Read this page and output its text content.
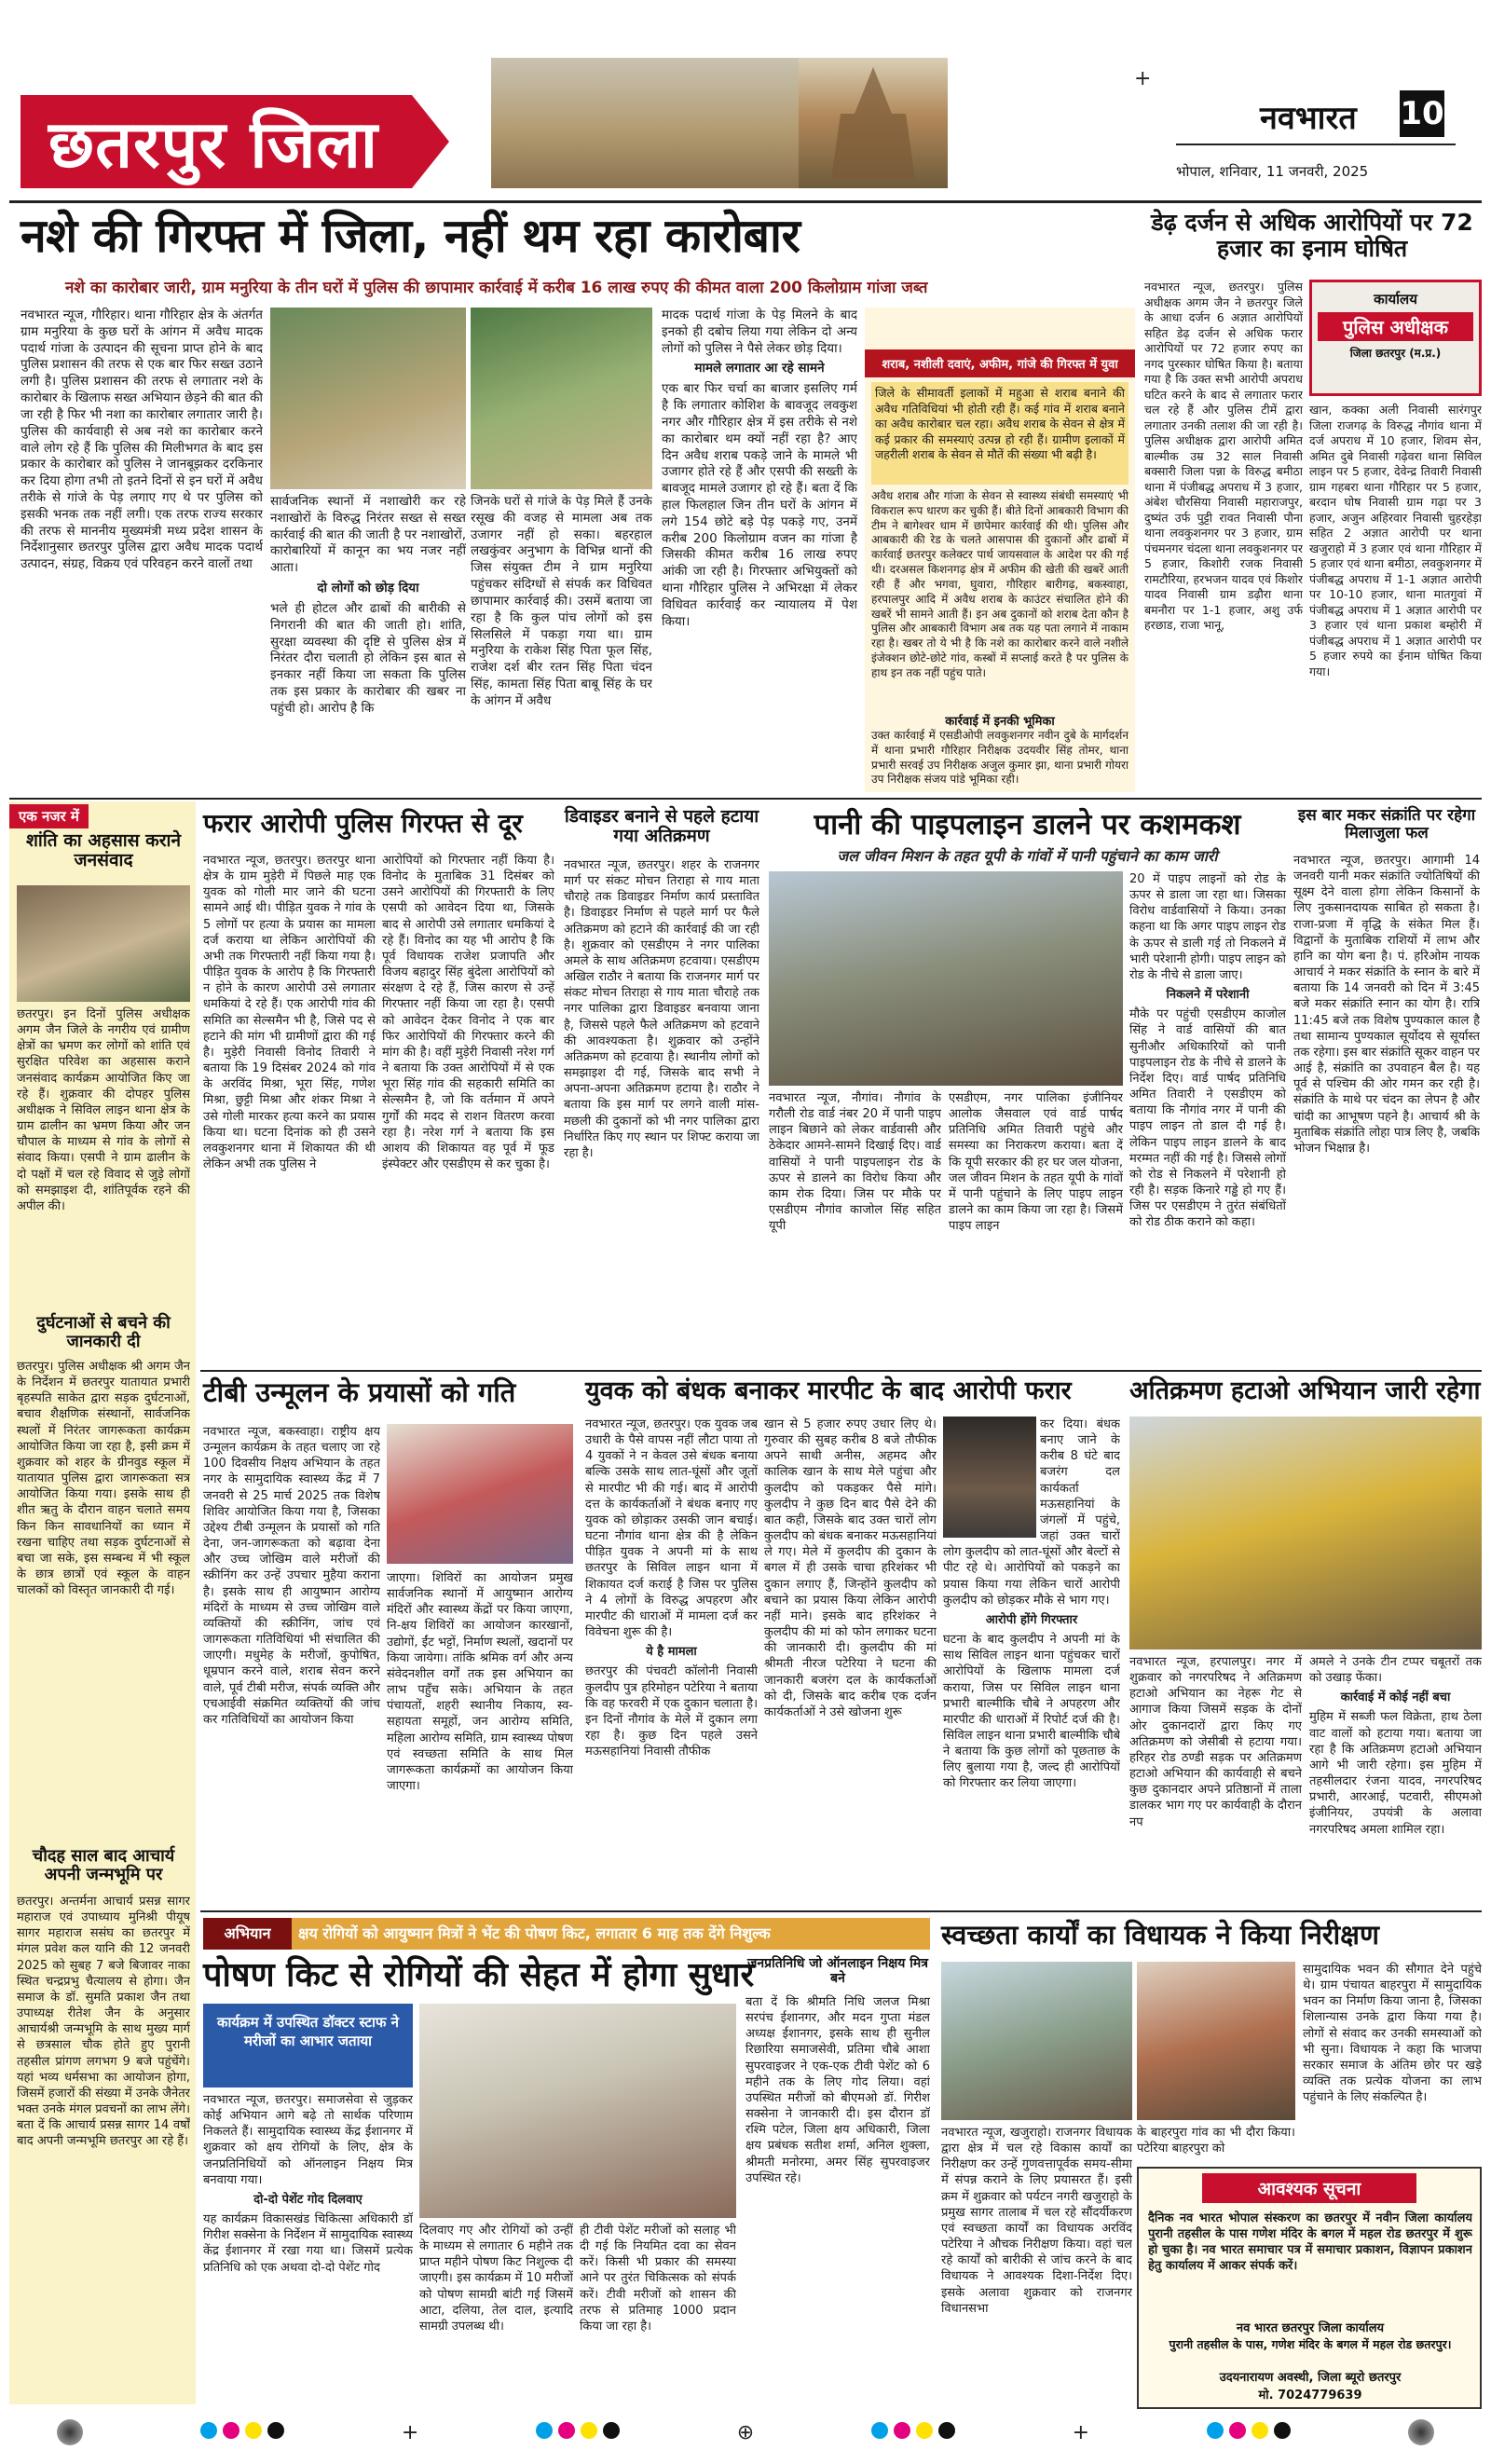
छतरपुर जिला
+
नवभारत 10
भोपाल, शनिवार, 11 जनवरी, 2025
नशे की गिरफ्त में जिला, नहीं थम रहा कारोबार
नशे का कारोबार जारी, ग्राम मनुरिया के तीन घरों में पुलिस की छापामार कार्रवाई में करीब 16 लाख रुपए की कीमत वाला 200 किलोग्राम गांजा जब्त

नवभारत न्यूज, गौरिहार। थाना गौरिहार क्षेत्र के अंतर्गत ग्राम मनुरिया के कुछ घरों के आंगन में अवैध मादक पदार्थ गांजा के उत्पादन की सूचना प्राप्त होने के बाद पुलिस प्रशासन की तरफ से एक बार फिर सख्त उठाने लगी है। पुलिस प्रशासन की तरफ से लगातार नशे के कारोबार के खिलाफ सख्त अभियान छेड़ने की बात की जा रही है फिर भी नशा का कारोबार लगातार जारी है। पुलिस की कार्यवाही से अब नशे का कारोबार करने वाले लोग रहे हैं कि पुलिस की मिलीभगत के बाद इस प्रकार के कारोबार को पुलिस ने जानबूझकर दरकिनार कर दिया होगा तभी तो इतने दिनों से इन घरों में अवैध तरीके से गांजे के पेड़ लगाए गए थे पर पुलिस को इसकी भनक तक नहीं लगी। एक तरफ राज्य सरकार की तरफ से माननीय मुख्यमंत्री मध्य प्रदेश शासन के निर्देशानुसार छतरपुर पुलिस द्वारा अवैध मादक पदार्थ उत्पादन, संग्रह, विक्रय एवं परिवहन करने वालों तथा

सार्वजनिक स्थानों में नशाखोरी कर रहे नशाखोरों के विरुद्ध निरंतर सख्त से सख्त कार्रवाई की बात की जाती है पर नशाखोरों, कारोबारियों में कानून का भय नजर नहीं आता।

दो लोगों को छोड़ दिया

भले ही होटल और ढाबों की बारीकी से निगरानी की बात की जाती हो। शांति, सुरक्षा व्यवस्था की दृष्टि से पुलिस क्षेत्र में निरंतर दौरा चलाती हो लेकिन इस बात से इनकार नहीं किया जा सकता कि पुलिस तक इस प्रकार के कारोबार की खबर ना पहुंची हो। आरोप है कि

जिनके घरों से गांजे के पेड़ मिले हैं उनके रसूख की वजह से मामला अब तक उजागर नहीं हो सका। बहरहाल लखकुंवर अनुभाग के विभिन्न थानों की जिस संयुक्त टीम ने ग्राम मनुरिया पहुंचकर संदिग्धों से संपर्क कर विधिवत छापामार कार्रवाई की। उसमें बताया जा रहा है कि कुल पांच लोगों को इस सिलसिले में पकड़ा गया था। ग्राम मनुरिया के राकेश सिंह पिता फूल सिंह, राजेश दर्श बीर रतन सिंह पिता चंदन सिंह, कामता सिंह पिता बाबू सिंह के घर के आंगन में अवैध

मादक पदार्थ गांजा के पेड़ मिलने के बाद इनको ही दबोच लिया गया लेकिन दो अन्य लोगों को पुलिस ने पैसे लेकर छोड़ दिया।

मामले लगातार आ रहे सामने

एक बार फिर चर्चा का बाजार इसलिए गर्म है कि लगातार कोशिश के बावजूद लवकुश नगर और गौरिहार क्षेत्र में इस तरीके से नशे का कारोबार थम क्यों नहीं रहा है? आए दिन अवैध शराब पकड़े जाने के मामले भी उजागर होते रहे हैं और एसपी की सख्ती के बावजूद मामले उजागर हो रहे हैं। बता दें कि हाल फिलहाल जिन तीन घरों के आंगन में लगे 154 छोटे बड़े पेड़ पकड़े गए, उनमें करीब 200 किलोग्राम वजन का गांजा है जिसकी कीमत करीब 16 लाख रुपए आंकी जा रही है। गिरफ्तार अभियुक्तों को थाना गौरिहार पुलिस ने अभिरक्षा में लेकर विधिवत कार्रवाई कर न्यायालय में पेश किया।

शराब, नशीली दवाएं, अफीम, गांजे की गिरफ्त में युवा
जिले के सीमावर्ती इलाकों में महुआ से शराब बनाने की अवैध गतिविधियां भी होती रही हैं। कई गांव में शराब बनाने का अवैध कारोबार चल रहा। अवैध शराब के सेवन से क्षेत्र में कई प्रकार की समस्याएं उत्पन्न हो रही हैं। ग्रामीण इलाकों में जहरीली शराब के सेवन से मौतें की संख्या भी बढ़ी है।
अवैध शराब और गांजा के सेवन से स्वास्थ्य संबंधी समस्याएं भी विकराल रूप धारण कर चुकी हैं। बीते दिनों आबकारी विभाग की टीम ने बागेश्वर धाम में छापेमार कार्रवाई की थी। पुलिस और आबकारी की रेड के चलते आसपास की दुकानों और ढाबों में कार्रवाई छतरपुर कलेक्टर पार्थ जायसवाल के आदेश पर की गई थी। दरअसल किशनगढ़ क्षेत्र में अफीम की खेती की खबरें आती रही हैं और भगवा, घुवारा, गौरिहार बारीगढ़, बकस्वाहा, हरपालपुर आदि में अवैध शराब के काउंटर संचालित होने की खबरें भी सामने आती हैं। इन अब दुकानों को शराब देता कौन है पुलिस और आबकारी विभाग अब तक यह पता लगाने में नाकाम रहा है। खबर तो ये भी है कि नशे का कारोबार करने वाले नशीले इंजेक्शन छोटे-छोटे गांव, कस्बों में सप्लाई करते है पर पुलिस के हाथ इन तक नहीं पहुंच पाते।
कार्रवाई में इनकी भूमिका
उक्त कार्रवाई में एसडीओपी लवकुशनगर नवीन दुबे के मार्गदर्शन में थाना प्रभारी गौरिहार निरीक्षक उदयवीर सिंह तोमर, थाना प्रभारी सरवई उप निरीक्षक अजुल कुमार झा, थाना प्रभारी गोयरा उप निरीक्षक संजय पांडे भूमिका रही।
डेढ़ दर्जन से अधिक आरोपियों पर 72 हजार का इनाम घोषित
नवभारत न्यूज, छतरपुर। पुलिस अधीक्षक अगम जैन ने छतरपुर जिले के आधा दर्जन 6 अज्ञात आरोपियों सहित डेढ़ दर्जन से अधिक फरार आरोपियों पर 72 हजार रुपए का नगद पुरस्कार घोषित किया है। बताया गया है कि उक्त सभी आरोपी अपराध घटित करने के बाद से लगातार फरार चल रहे हैं और पुलिस टीमें द्वारा लगातार उनकी तलाश की जा रही है। पुलिस अधीक्षक द्वारा आरोपी अमित बाल्मीक उम्र 32 साल निवासी बक्सारी जिला पन्ना के विरुद्ध बमीठा थाना में पंजीबद्ध अपराध में 3 हजार, अंबेश चौरसिया निवासी महाराजपुर, दुष्यंत उर्फ पुट्टी रावत निवासी पौना थाना लवकुशनगर पर 3 हजार, ग्राम पंचमनगर चंदला थाना लवकुशनगर पर 5 हजार, किशोरी रजक निवासी रामटौरिया, हरभजन यादव एवं किशोर यादव निवासी ग्राम डढ़ौरा थाना बमनौरा पर 1-1 हजार, अशु उर्फ हरछाड, राजा भानू,
कार्यालय
पुलिस अधीक्षक
जिला छतरपुर (म.प्र.)
खान, कक्का अली निवासी सारंगपुर जिला राजगढ़ के विरुद्ध नौगांव थाना में दर्ज अपराध में 10 हजार, शिवम सेन, अमित दुबे निवासी गढ़ेवरा थाना सिविल लाइन पर 5 हजार, देवेन्द्र तिवारी निवासी ग्राम गहबरा थाना गौरिहार पर 5 हजार, बरदान घोष निवासी ग्राम गढ़ा पर 3 हजार, अजुन अहिरवार निवासी चुहरहेड़ा सहित 2 अज्ञात आरोपी पर थाना खजुराहो में 3 हजार एवं थाना गौरिहार में 5 हजार एवं थाना बमीठा, लवकुशनगर में पंजीबद्ध अपराध में 1-1 अज्ञात आरोपी पर 10-10 हजार, थाना मातगुवां में पंजीबद्ध अपराध में 1 अज्ञात आरोपी पर 3 हजार एवं थाना प्रकाश बम्होरी में पंजीबद्ध अपराध में 1 अज्ञात आरोपी पर 5 हजार रुपये का ईनाम घोषित किया गया।
एक नजर में
शांति का अहसास कराने जनसंवाद
छतरपुर। इन दिनों पुलिस अधीक्षक अगम जैन जिले के नगरीय एवं ग्रामीण क्षेत्रों का भ्रमण कर लोगों को शांति एवं सुरक्षित परिवेश का अहसास कराने जनसंवाद कार्यक्रम आयोजित किए जा रहे हैं। शुक्रवार की दोपहर पुलिस अधीक्षक ने सिविल लाइन थाना क्षेत्र के ग्राम ढालीन का भ्रमण किया और जन चौपाल के माध्यम से गांव के लोगों से संवाद किया। एसपी ने ग्राम ढालीन के दो पक्षों में चल रहे विवाद से जुड़े लोगों को समझाइश दी, शांतिपूर्वक रहने की अपील की।
दुर्घटनाओं से बचने की जानकारी दी
छतरपुर। पुलिस अधीक्षक श्री अगम जैन के निर्देशन में छतरपुर यातायात प्रभारी बृहस्पति साकेत द्वारा सड़क दुर्घटनाओं, बचाव शैक्षणिक संस्थानों, सार्वजनिक स्थलों में निरंतर जागरूकता कार्यक्रम आयोजित किया जा रहा है, इसी क्रम में शुक्रवार को शहर के ग्रीनवुड स्कूल में यातायात पुलिस द्वारा जागरूकता सत्र आयोजित किया गया। इसके साथ ही शीत ऋतु के दौरान वाहन चलाते समय किन किन सावधानियों का ध्यान में रखना चाहिए तथा सड़क दुर्घटनाओं से बचा जा सके, इस सम्बन्ध में भी स्कूल के छात्र छात्रों एवं स्कूल के वाहन चालकों को विस्तृत जानकारी दी गई।
चौदह साल बाद आचार्य अपनी जन्मभूमि पर
छतरपुर। अन्तर्मना आचार्य प्रसन्न सागर महाराज एवं उपाध्याय मुनिश्री पीयूष सागर महाराज ससंघ का छतरपुर में मंगल प्रवेश कल यानि की 12 जनवरी 2025 को सुबह 7 बजे बिजावर नाका स्थित चन्द्रप्रभु चैत्यालय से होगा। जैन समाज के डॉ. सुमति प्रकाश जैन तथा उपाध्यक्ष रीतेश जैन के अनुसार आचार्यश्री जन्मभूमि के साथ मुख्य मार्ग से छत्रसाल चौक होते हुए पुरानी तहसील प्रांगण लगभग 9 बजे पहुंचेंगे। यहां भव्य धर्मसभा का आयोजन होगा, जिसमें हजारों की संख्या में उनके जैनेतर भक्त उनके मंगल प्रवचनों का लाभ लेंगे। बता दें कि आचार्य प्रसन्न सागर 14 वर्षों बाद अपनी जन्मभूमि छतरपुर आ रहे हैं।
फरार आरोपी पुलिस गिरफ्त से दूर
नवभारत न्यूज, छतरपुर। छतरपुर थाना क्षेत्र के ग्राम मुड़ेरी में पिछले माह एक युवक को गोली मार जाने की घटना सामने आई थी। पीड़ित युवक ने गांव के 5 लोगों पर हत्या के प्रयास का मामला दर्ज कराया था लेकिन आरोपियों की अभी तक गिरफ्तारी नहीं किया गया है। पीड़ित युवक के आरोप है कि गिरफ्तारी न होने के कारण आरोपी उसे लगातार धमकियां दे रहे हैं। एक आरोपी गांव की समिति का सेल्समैन भी है, जिसे पद से हटाने की मांग भी ग्रामीणों द्वारा की गई है। मुड़ेरी निवासी विनोद तिवारी ने बताया कि 19 दिसंबर 2024 को गांव के अरविंद मिश्रा, भूरा सिंह, गणेश मिश्रा, छुट्टी मिश्रा और शंकर मिश्रा ने उसे गोली मारकर हत्या करने का प्रयास किया था। घटना दिनांक को ही उसने लवकुशनगर थाना में शिकायत की थी लेकिन अभी तक पुलिस ने
आरोपियों को गिरफ्तार नहीं किया है। विनोद के मुताबिक 31 दिसंबर को उसने आरोपियों की गिरफ्तारी के लिए एसपी को आवेदन दिया था, जिसके बाद से आरोपी उसे लगातार धमकियां दे रहे हैं। विनोद का यह भी आरोप है कि पूर्व विधायक राजेश प्रजापति और विजय बहादुर सिंह बुंदेला आरोपियों को संरक्षण दे रहे हैं, जिस कारण से उन्हें गिरफ्तार नहीं किया जा रहा है। एसपी को आवेदन देकर विनोद ने एक बार फिर आरोपियों की गिरफ्तार करने की मांग की है। वहीं मुड़ेरी निवासी नरेश गर्ग ने बताया कि उक्त आरोपियों में से एक भूरा सिंह गांव की सहकारी समिति का सेल्समैन है, जो कि वर्तमान में अपने गुर्गों की मदद से राशन वितरण करवा रहा है। नरेश गर्ग ने बताया कि इस आशय की शिकायत वह पूर्व में फूड इंस्पेक्टर और एसडीएम से कर चुका है।
डिवाइडर बनाने से पहले हटाया गया अतिक्रमण
नवभारत न्यूज, छतरपुर। शहर के राजनगर मार्ग पर संकट मोचन तिराहा से गाय माता चौराहे तक डिवाइडर निर्माण कार्य प्रस्तावित है। डिवाइडर निर्माण से पहले मार्ग पर फैले अतिक्रमण को हटाने की कार्रवाई की जा रही है। शुक्रवार को एसडीएम ने नगर पालिका अमले के साथ अतिक्रमण हटवाया। एसडीएम अखिल राठौर ने बताया कि राजनगर मार्ग पर संकट मोचन तिराहा से गाय माता चौराहे तक नगर पालिका द्वारा डिवाइडर बनवाया जाना है, जिससे पहले फैले अतिक्रमण को हटवाने की आवश्यकता है। शुक्रवार को उन्होंने अतिक्रमण को हटवाया है। स्थानीय लोगों को समझाइश दी गई, जिसके बाद सभी ने अपना-अपना अतिक्रमण हटाया है। राठौर ने बताया कि इस मार्ग पर लगने वाली मांस-मछली की दुकानों को भी नगर पालिका द्वारा निर्धारित किए गए स्थान पर शिफ्ट कराया जा रहा है।
पानी की पाइपलाइन डालने पर कशमकश
जल जीवन मिशन के तहत यूपी के गांवों में पानी पहुंचाने का काम जारी
नवभारत न्यूज, नौगांव। नौगांव के गरौली रोड वार्ड नंबर 20 में पानी पाइप लाइन बिछाने को लेकर वार्डवासी और ठेकेदार आमने-सामने दिखाई दिए। वार्ड वासियों ने पानी पाइपलाइन रोड के ऊपर से डालने का विरोध किया और काम रोक दिया। जिस पर मौके पर एसडीएम नौगांव काजोल सिंह सहित यूपी
एसडीएम, नगर पालिका इंजीनियर आलोक जैसवाल एवं वार्ड पार्षद प्रतिनिधि अमित तिवारी पहुंचे और समस्या का निराकरण कराया। बता दें कि यूपी सरकार की हर घर जल योजना, जल जीवन मिशन के तहत यूपी के गांवों में पानी पहुंचाने के लिए पाइप लाइन डालने का काम किया जा रहा है। जिसमें पाइप लाइन

20 में पाइप लाइनों को रोड के ऊपर से डाला जा रहा था। जिसका विरोध वार्डवासियों ने किया। उनका कहना था कि अगर पाइप लाइन रोड के ऊपर से डाली गई तो निकलने में भारी परेशानी होगी। पाइप लाइन को रोड के नीचे से डाला जाए।

निकलने में परेशानी

मौके पर पहुंची एसडीएम काजोल सिंह ने वार्ड वासियों की बात सुनीऔर अधिकारियों को पानी पाइपलाइन रोड के नीचे से डालने के निर्देश दिए। वार्ड पार्षद प्रतिनिधि अमित तिवारी ने एसडीएम को बताया कि नौगांव नगर में पानी की पाइप लाइन तो डाल दी गई है। लेकिन पाइप लाइन डालने के बाद मरम्मत नहीं की गई है। जिससे लोगों को रोड से निकलने में परेशानी हो रही है। सड़क किनारे गड्ढे हो गए हैं। जिस पर एसडीएम ने तुरंत संबंधितों को रोड ठीक कराने को कहा।

इस बार मकर संक्रांति पर रहेगा मिलाजुला फल
नवभारत न्यूज, छतरपुर। आगामी 14 जनवरी यानी मकर संक्रांति ज्योतिषियों की सूक्ष्म देने वाला होगा लेकिन किसानों के लिए नुकसानदायक साबित हो सकता है। राजा-प्रजा में वृद्धि के संकेत मिल हैं। विद्वानों के मुताबिक राशियों में लाभ और हानि का योग बना है। पं. हरिओम नायक आचार्य ने मकर संक्रांति के स्नान के बारे में बताया कि 14 जनवरी को दिन में 3:45 बजे मकर संक्रांति स्नान का योग है। रात्रि 11:45 बजे तक विशेष पुण्यकाल काल है तथा सामान्य पुण्यकाल सूर्योदय से सूर्यास्त तक रहेगा। इस बार संक्रांति सूकर वाहन पर आई है, संक्रांति का उपवाहन बैल है। यह पूर्व से पश्चिम की ओर गमन कर रही है। संक्रांति के माथे पर चंदन का लेपन है और चांदी का आभूषण पहने है। आचार्य श्री के मुताबिक संक्रांति लोहा पात्र लिए है, जबकि भोजन भिक्षान्न है।
टीबी उन्मूलन के प्रयासों को गति
नवभारत न्यूज, बकस्वाहा। राष्ट्रीय क्षय उन्मूलन कार्यक्रम के तहत चलाए जा रहे 100 दिवसीय निक्षय अभियान के तहत नगर के सामुदायिक स्वास्थ्य केंद्र में 7 जनवरी से 25 मार्च 2025 तक विशेष शिविर आयोजित किया गया है, जिसका उद्देश्य टीबी उन्मूलन के प्रयासों को गति देना, जन-जागरूकता को बढ़ावा देना और उच्च जोखिम वाले मरीजों की स्क्रीनिंग कर उन्हें उपचार मुहैया कराना है। इसके साथ ही आयुष्मान आरोग्य मंदिरों के माध्यम से उच्च जोखिम वाले व्यक्तियों की स्क्रीनिंग, जांच एवं जागरूकता गतिविधियां भी संचालित की जाएगी। मधुमेह के मरीजों, कुपोषित, धूम्रपान करने वाले, शराब सेवन करने वाले, पूर्व टीबी मरीज, संपर्क व्यक्ति और एचआईवी संक्रमित व्यक्तियों की जांच कर गतिविधियों का आयोजन किया
जाएगा। शिविरों का आयोजन प्रमुख सार्वजनिक स्थानों में आयुष्मान आरोग्य मंदिरों और स्वास्थ्य केंद्रों पर किया जाएगा, नि-क्षय शिविरों का आयोजन कारखानों, उद्योगों, ईंट भट्टों, निर्माण स्थलों, खदानों पर किया जायेगा। तांकि श्रमिक वर्ग और अन्य संवेदनशील वर्गों तक इस अभियान का लाभ पहुँच सके। अभियान के तहत पंचायतों, शहरी स्थानीय निकाय, स्व-सहायता समूहों, जन आरोग्य समिति, महिला आरोग्य समिति, ग्राम स्वास्थ्य पोषण एवं स्वच्छता समिति के साथ मिल जागरूकता कार्यक्रमों का आयोजन किया जाएगा।
युवक को बंधक बनाकर मारपीट के बाद आरोपी फरार

नवभारत न्यूज, छतरपुर। एक युवक जब उधारी के पैसे वापस नहीं लौटा पाया तो 4 युवकों ने न केवल उसे बंधक बनाया बल्कि उसके साथ लात-घूंसों और जूतों से मारपीट भी की गई। बाद में आरोपी दत्त के कार्यकर्ताओं ने बंधक बनाए गए युवक को छोड़ाकर उसकी जान बचाई। घटना नौगांव थाना क्षेत्र की है लेकिन पीड़ित युवक ने अपनी मां के साथ छतरपुर के सिविल लाइन थाना में शिकायत दर्ज कराई है जिस पर पुलिस ने 4 लोगों के विरुद्ध अपहरण और मारपीट की धाराओं में मामला दर्ज कर विवेचना शुरू की है।

ये है मामला

छतरपुर की पंचवटी कॉलोनी निवासी कुलदीप पुत्र हरिमोहन पटेरिया ने बताया कि वह फरवरी में एक दुकान चलाता है। इन दिनों नौगांव के मेले में दुकान लगा रहा है। कुछ दिन पहले उसने मऊसहानियां निवासी तौफीक

खान से 5 हजार रुपए उधार लिए थे। गुरुवार की सुबह करीब 8 बजे तौफीक अपने साथी अनीस, अहमद और कालिक खान के साथ मेले पहुंचा और कुलदीप को पकड़कर पैसे मांगे। कुलदीप ने कुछ दिन बाद पैसे देने की बात कही, जिसके बाद उक्त चारों लोग कुलदीप को बंधक बनाकर मऊसहानियां ले गए। मेले में कुलदीप की दुकान के बगल में ही उसके चाचा हरिशंकर भी दुकान लगाए हैं, जिन्होंने कुलदीप को बचाने का प्रयास किया लेकिन आरोपी नहीं माने। इसके बाद हरिशंकर ने कुलदीप की मां को फोन लगाकर घटना की जानकारी दी। कुलदीप की मां श्रीमती नीरज पटेरिया ने घटना की जानकारी बजरंग दल के कार्यकर्ताओं को दी, जिसके बाद करीब एक दर्जन कार्यकर्ताओं ने उसे खोजना शुरू

कर दिया। बंधक बनाए जाने के करीब 8 घंटे बाद बजरंग दल कार्यकर्ता मऊसहानियां के जंगलों में पहुंचे, जहां उक्त चारों लोग कुलदीप को लात-घूंसों और बेल्टों से पीट रहे थे। आरोपियों को पकड़ने का प्रयास किया गया लेकिन चारों आरोपी कुलदीप को छोड़कर मौके से भाग गए।

आरोपी होंगे गिरफ्तार

घटना के बाद कुलदीप ने अपनी मां के साथ सिविल लाइन थाना पहुंचकर चारों आरोपियों के खिलाफ मामला दर्ज कराया, जिस पर सिविल लाइन थाना प्रभारी बाल्मीकि चौबे ने अपहरण और मारपीट की धाराओं में रिपोर्ट दर्ज की है। सिविल लाइन थाना प्रभारी बाल्मीकि चौबे ने बताया कि कुछ लोगों को पूछताछ के लिए बुलाया गया है, जल्द ही आरोपियों को गिरफ्तार कर लिया जाएगा।

अतिक्रमण हटाओ अभियान जारी रहेगा
नवभारत न्यूज, हरपालपुर। नगर में शुक्रवार को नगरपरिषद ने अतिक्रमण हटाओ अभियान का नेहरू गेट से आगाज किया जिसमें सड़क के दोनों ओर दुकानदारों द्वारा किए गए अतिक्रमण को जेसीबी से हटाया गया। हरिहर रोड ठण्डी सड़क पर अतिक्रमण हटाओ अभियान की कार्यवाही से बचने कुछ दुकानदार अपने प्रतिष्ठानों में ताला डालकर भाग गए पर कार्यवाही के दौरान नप

अमले ने उनके टीन टप्पर चबूतरों तक को उखाड़ फेंका।

कार्रवाई में कोई नहीं बचा

मुहिम में सब्जी फल विक्रेता, हाथ ठेला वाट वालों को हटाया गया। बताया जा रहा है कि अतिक्रमण हटाओ अभियान आगे भी जारी रहेगा। इस मुहिम में तहसीलदार रंजना यादव, नगरपरिषद प्रभारी, आरआई, पटवारी, सीएमओ इंजीनियर, उपयंत्री के अलावा नगरपरिषद अमला शामिल रहा।

अभियान	क्षय रोगियों को आयुष्मान मित्रों ने भेंट की पोषण किट, लगातार 6 माह तक देंगे निशुल्क
पोषण किट से रोगियों की सेहत में होगा सुधार
कार्यक्रम में उपस्थित डॉक्टर स्टाफ ने मरीजों का आभार जताया

नवभारत न्यूज, छतरपुर। समाजसेवा से जुड़कर कोई अभियान आगे बढ़े तो सार्थक परिणाम निकलते हैं। सामुदायिक स्वास्थ्य केंद्र ईशानगर में शुक्रवार को क्षय रोगियों के लिए, क्षेत्र के जनप्रतिनिधियों को ऑनलाइन निक्षय मित्र बनवाया गया।

दो-दो पेशेंट गोद दिलवाए

यह कार्यक्रम विकासखंड चिकित्सा अधिकारी डॉ गिरीश सक्सेना के निर्देशन में सामुदायिक स्वास्थ्य केंद्र ईशानगर में रखा गया था। जिसमें प्रत्येक प्रतिनिधि को एक अथवा दो-दो पेशेंट गोद

दिलवाए गए और रोगियों को उन्हीं के माध्यम से लगातार 6 महीने तक प्राप्त महीने पोषण किट निशुल्क दी जाएगी। इस कार्यक्रम में 10 मरीजों को पोषण सामग्री बांटी गई जिसमें आटा, दलिया, तेल दाल, इत्यादि सामग्री उपलब्ध थी।
ही टीवी पेशेंट मरीजों को सलाह भी दी गई कि नियमित दवा का सेवन करें। किसी भी प्रकार की समस्या आने पर तुरंत चिकित्सक को संपर्क करें। टीवी मरीजों को शासन की तरफ से प्रतिमाह 1000 प्रदान किया जा रहा है।
जनप्रतिनिधि जो ऑनलाइन निक्षय मित्र बने
बता दें कि श्रीमति निधि जलज मिश्रा सरपंच ईशानगर, और मदन गुप्ता मंडल अध्यक्ष ईशानगर, इसके साथ ही सुनील रिछारिया समाजसेवी, प्रतिमा चौबे आशा सुपरवाइजर ने एक-एक टीवी पेशेंट को 6 महीने तक के लिए गोद लिया। वहां उपस्थित मरीजों को बीएमओ डॉ. गिरीश सक्सेना ने जानकारी दी। इस दौरान डॉ रश्मि पटेल, जिला क्षय अधिकारी, जिला क्षय प्रबंधक सतीश शर्मा, अनिल शुक्ला, श्रीमती मनोरमा, अमर सिंह सुपरवाइजर उपस्थित रहे।
स्वच्छता कार्यों का विधायक ने किया निरीक्षण
नवभारत न्यूज, खजुराहो। राजनगर विधायक द्वारा क्षेत्र में चल रहे विकास कार्यों का निरीक्षण कर उन्हें गुणवत्तापूर्वक समय-सीमा में संपन्न कराने के लिए प्रयासरत हैं। इसी क्रम में शुक्रवार को पर्यटन नगरी खजुराहो के प्रमुख सागर तालाब में चल रहे सौंदर्यीकरण एवं स्वच्छता कार्यों का विधायक अरविंद पटेरिया ने औचक निरीक्षण किया। वहां चल रहे कार्यों को बारीकी से जांच करने के बाद विधायक ने आवश्यक दिशा-निर्देश दिए। इसके अलावा शुक्रवार को राजनगर विधानसभा
के बाहरपुरा गांव का भी दौरा किया। पटेरिया बाहरपुरा को
सामुदायिक भवन की सौगात देने पहुंचे थे। ग्राम पंचायत बाहरपुरा में सामुदायिक भवन का निर्माण किया जाना है, जिसका शिलान्यास उनके द्वारा किया गया है। लोगों से संवाद कर उनकी समस्याओं को भी सुना। विधायक ने कहा कि भाजपा सरकार समाज के अंतिम छोर पर खड़े व्यक्ति तक प्रत्येक योजना का लाभ पहुंचाने के लिए संकल्पित है।
आवश्यक सूचना
दैनिक नव भारत भोपाल संस्करण का छतरपुर में नवीन जिला कार्यालय पुरानी तहसील के पास गणेश मंदिर के बगल में महल रोड छतरपुर में शुरू हो चुका है। नव भारत समाचार पत्र में समाचार प्रकाशन, विज्ञापन प्रकाशन हेतु कार्यालय में आकर संपर्क करें।
नव भारत छतरपुर जिला कार्यालय
पुरानी तहसील के पास, गणेश मंदिर के बगल में महल रोड छतरपुर।
उदयनारायण अवस्थी, जिला ब्यूरो छतरपुर
मो. 7024779639
+	⊕	+
